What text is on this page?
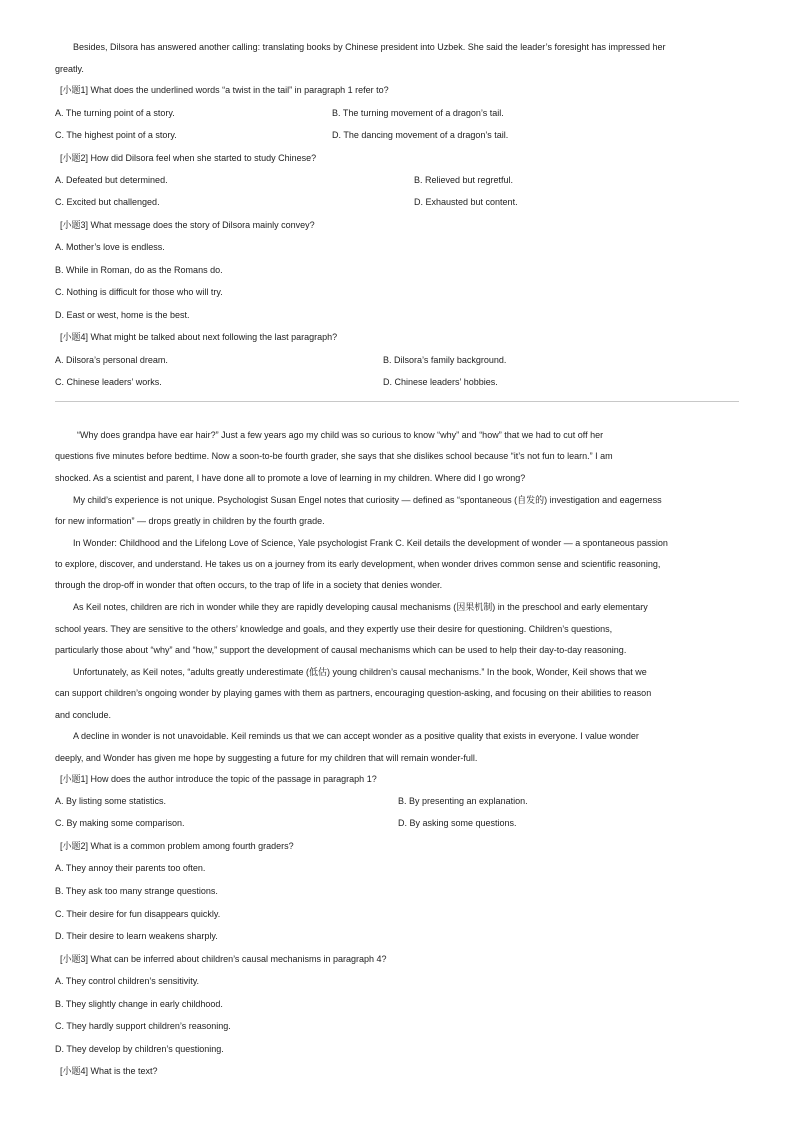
Besides, Dilsora has answered another calling: translating books by Chinese president into Uzbek. She said the leader’s foresight has impressed her
greatly.
[小题1] What does the underlined words “a twist in the tail” in paragraph 1 refer to?
A. The turning point of a story.	B. The turning movement of a dragon’s tail.
C. The highest point of a story.	D. The dancing movement of a dragon’s tail.
[小题2] How did Dilsora feel when she started to study Chinese?
A. Defeated but determined.	B. Relieved but regretful.
C. Excited but challenged.	D. Exhausted but content.
[小题3] What message does the story of Dilsora mainly convey?
A. Mother’s love is endless.
B. While in Roman, do as the Romans do.
C. Nothing is difficult for those who will try.
D. East or west, home is the best.
[小题4] What might be talked about next following the last paragraph?
A. Dilsora’s personal dream.	B. Dilsora’s family background.
C. Chinese leaders’ works.	D. Chinese leaders’ hobbies.
“Why does grandpa have ear hair?” Just a few years ago my child was so curious to know “why” and “how” that we had to cut off her
questions five minutes before bedtime. Now a soon-to-be fourth grader, she says that she dislikes school because “it’s not fun to learn.” I am
shocked. As a scientist and parent, I have done all to promote a love of learning in my children. Where did I go wrong?
My child’s experience is not unique. Psychologist Susan Engel notes that curiosity — defined as “spontaneous (自发的) investigation and eagerness
for new information” — drops greatly in children by the fourth grade.
In Wonder: Childhood and the Lifelong Love of Science, Yale psychologist Frank C. Keil details the development of wonder — a spontaneous passion
to explore, discover, and understand. He takes us on a journey from its early development, when wonder drives common sense and scientific reasoning,
through the drop-off in wonder that often occurs, to the trap of life in a society that denies wonder.
As Keil notes, children are rich in wonder while they are rapidly developing causal mechanisms (因果机制) in the preschool and early elementary
school years. They are sensitive to the others’ knowledge and goals, and they expertly use their desire for questioning. Children’s questions,
particularly those about “why” and “how,” support the development of causal mechanisms which can be used to help their day-to-day reasoning.
Unfortunately, as Keil notes, “adults greatly underestimate (低估) young children’s causal mechanisms.” In the book, Wonder, Keil shows that we
can support children’s ongoing wonder by playing games with them as partners, encouraging question-asking, and focusing on their abilities to reason
and conclude.
A decline in wonder is not unavoidable. Keil reminds us that we can accept wonder as a positive quality that exists in everyone. I value wonder
deeply, and Wonder has given me hope by suggesting a future for my children that will remain wonder-full.
[小题1] How does the author introduce the topic of the passage in paragraph 1?
A. By listing some statistics.	B. By presenting an explanation.
C. By making some comparison.	D. By asking some questions.
[小题2] What is a common problem among fourth graders?
A. They annoy their parents too often.
B. They ask too many strange questions.
C. Their desire for fun disappears quickly.
D. Their desire to learn weakens sharply.
[小题3] What can be inferred about children’s causal mechanisms in paragraph 4?
A. They control children’s sensitivity.
B. They slightly change in early childhood.
C. They hardly support children’s reasoning.
D. They develop by children’s questioning.
[小题4] What is the text?
